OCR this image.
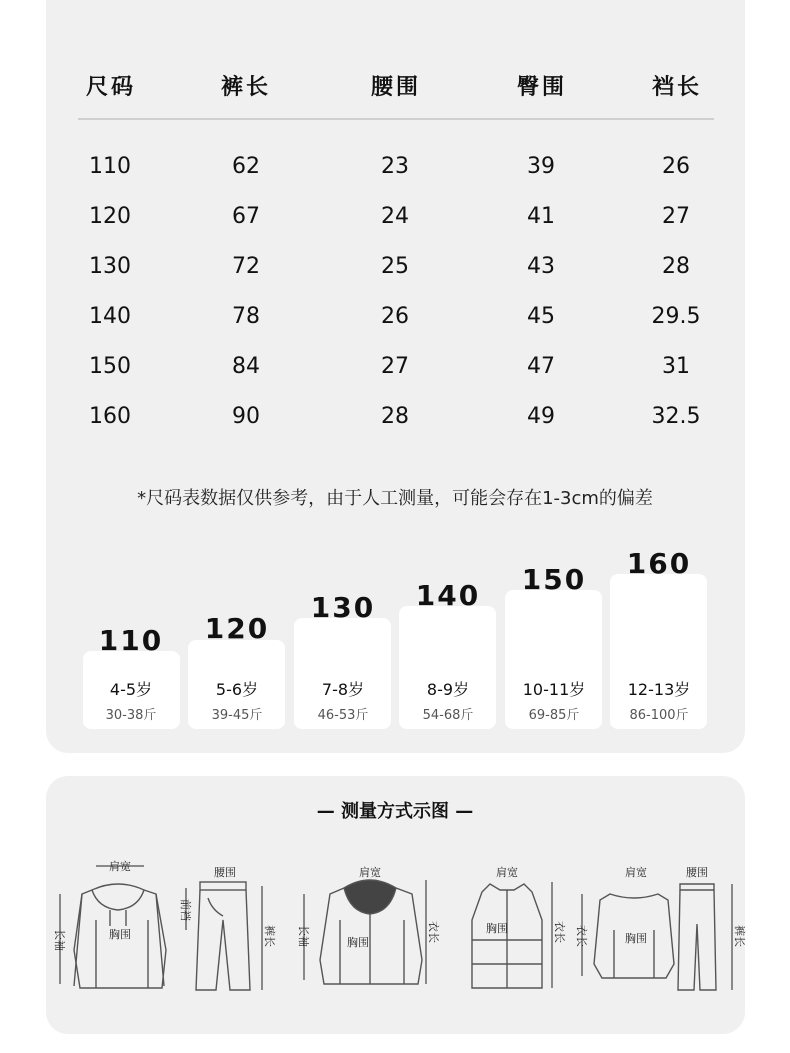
尺码	裤长	腰围	臀围	裆长
110	62	23	39	26
120	67	24	41	27
130	72	25	43	28
140	78	26	45	29.5
150	84	27	47	31
160	90	28	49	32.5
*尺码表数据仅供参考，由于人工测量，可能会存在1-3cm的偏差
110
4-5岁
30-38斤
120
5-6岁
39-45斤
130
7-8岁
46-53斤
140
8-9岁
54-68斤
150
10-11岁
69-85斤
160
12-13岁
86-100斤
— 测量方式示图 —
肩宽
长袖	胸围
腰围
前裆
裤长
肩宽
长袖	胸围	衣长
肩宽
胸围	衣长
肩宽	腰围
衣长	胸围	裤长
